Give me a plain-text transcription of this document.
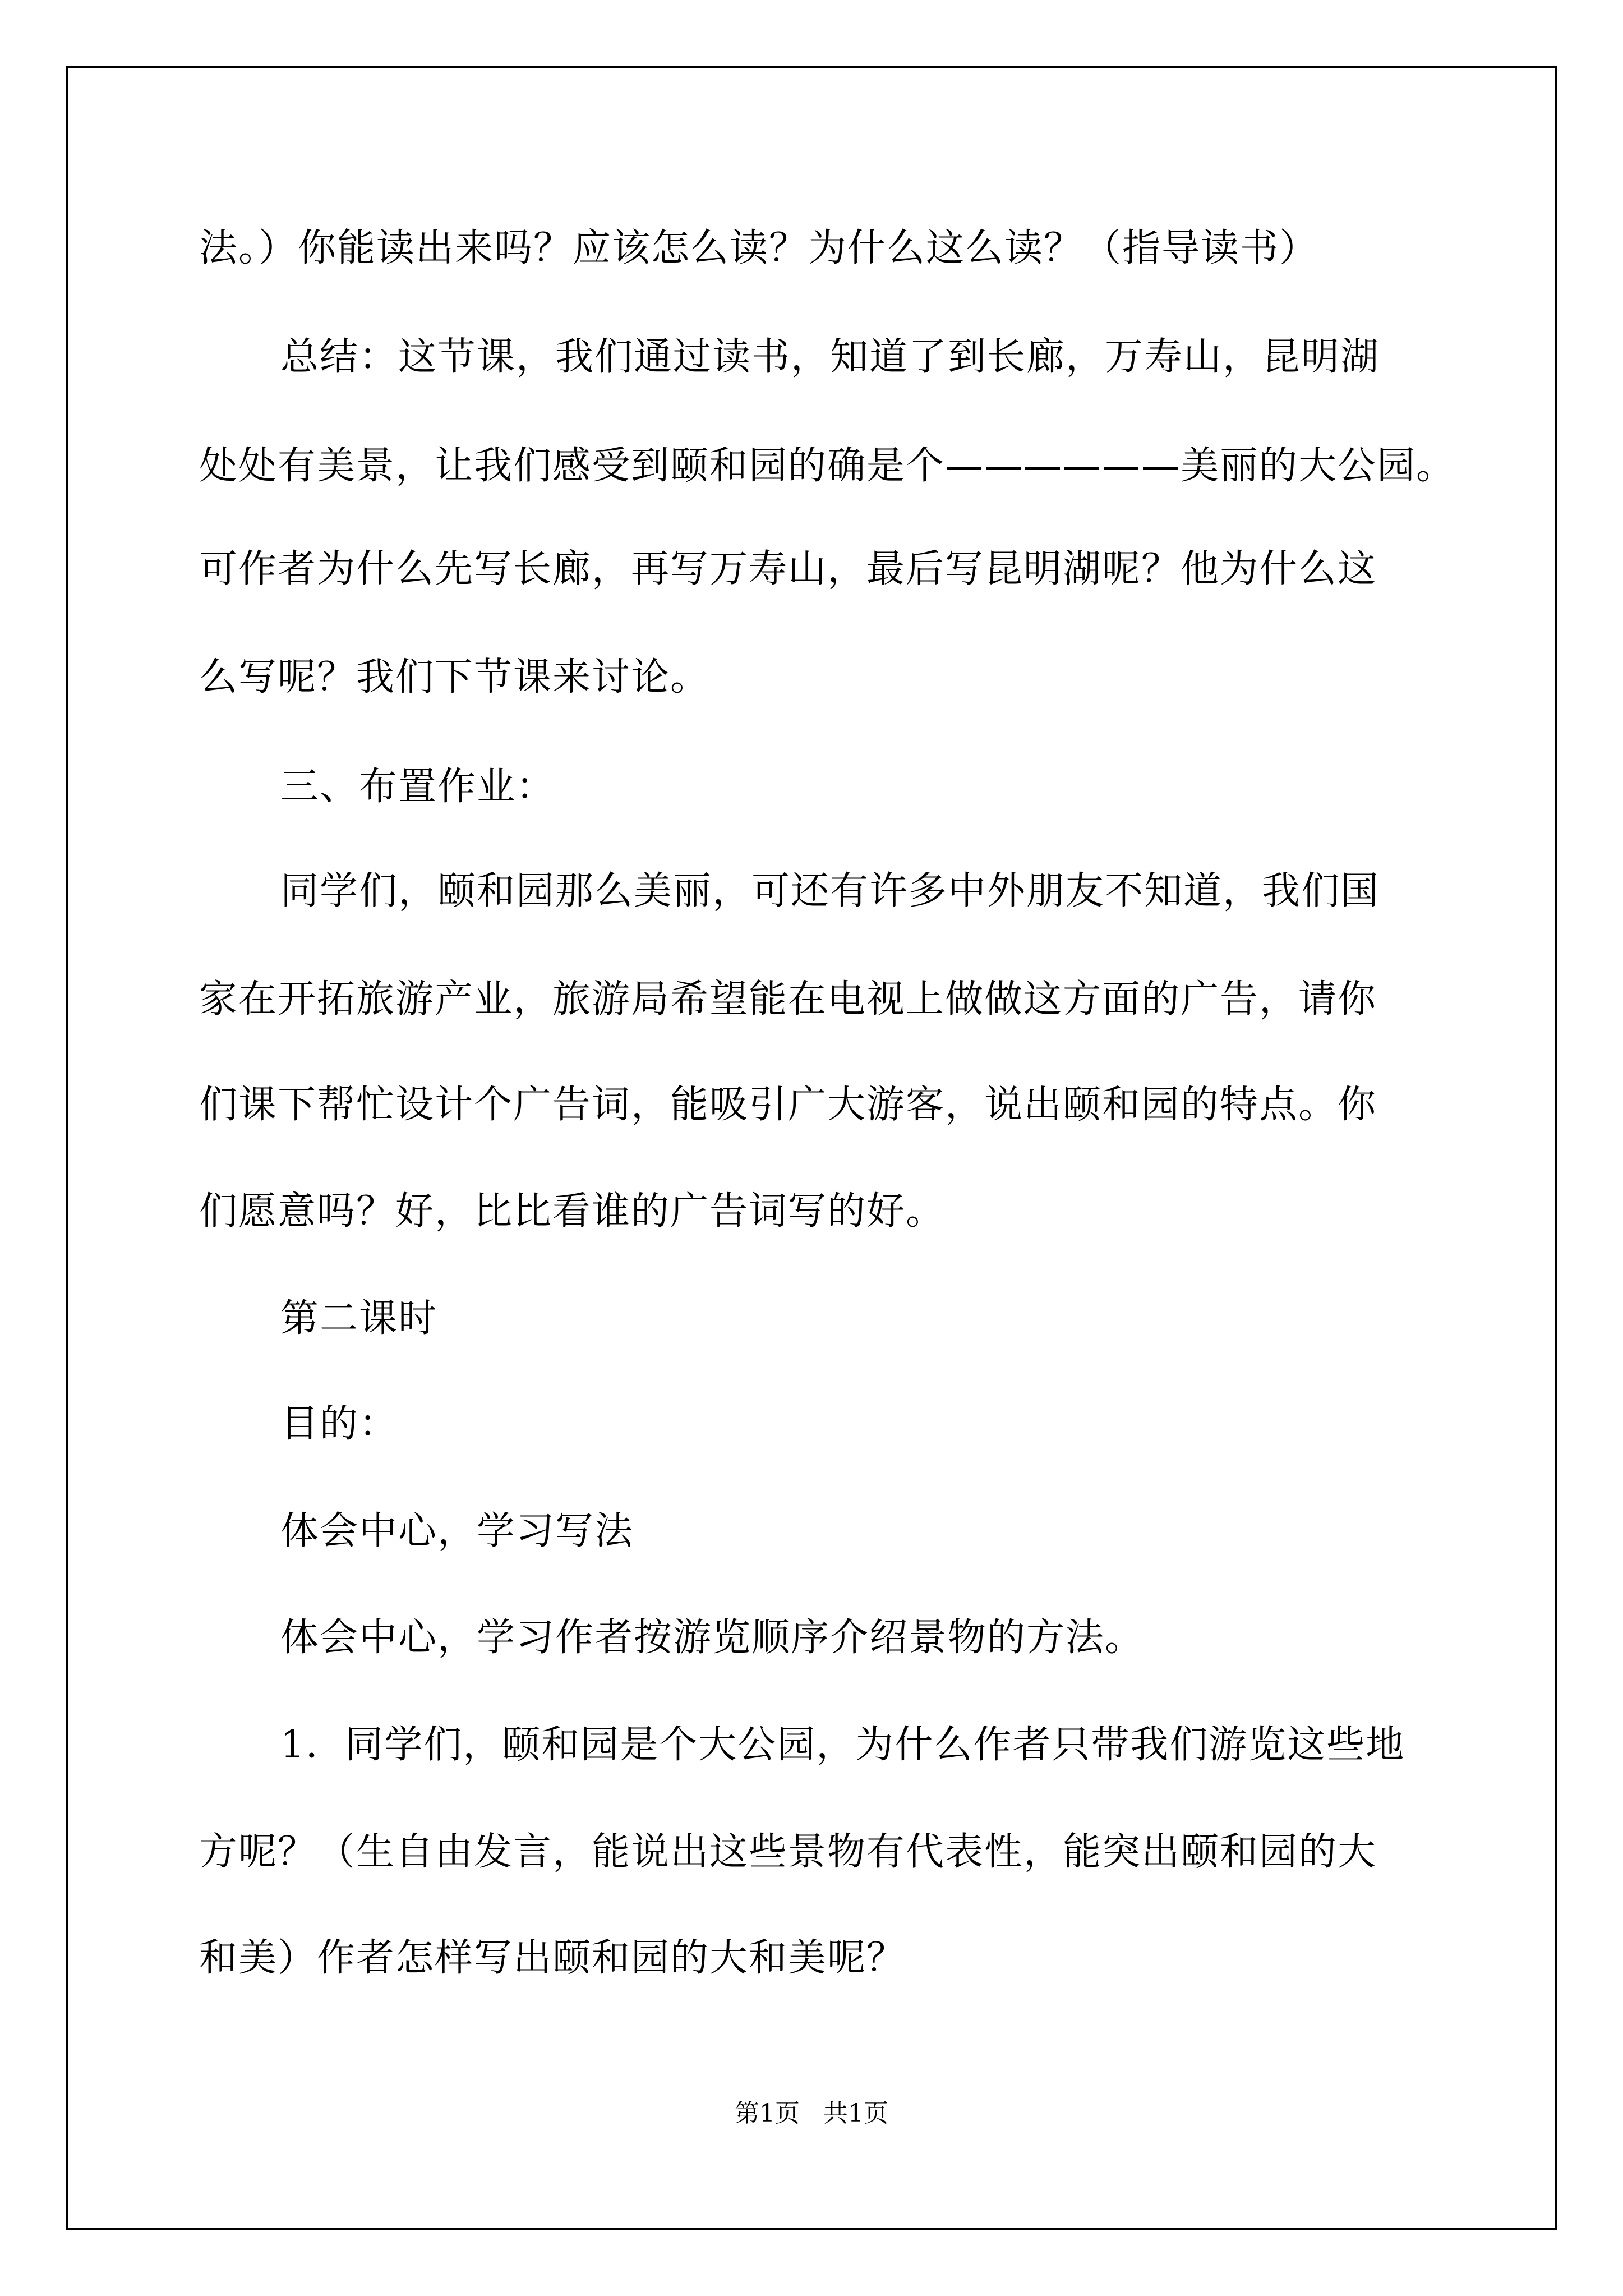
法。）你能读出来吗？应该怎么读？为什么这么读？（指导读书）
总结：这节课，我们通过读书，知道了到长廊，万寿山，昆明湖
处处有美景，让我们感受到颐和园的确是个——————美丽的大公园。
可作者为什么先写长廊，再写万寿山，最后写昆明湖呢？他为什么这
么写呢？我们下节课来讨论。
三、布置作业：
同学们，颐和园那么美丽，可还有许多中外朋友不知道，我们国
家在开拓旅游产业，旅游局希望能在电视上做做这方面的广告，请你
们课下帮忙设计个广告词，能吸引广大游客，说出颐和园的特点。你
们愿意吗？好，比比看谁的广告词写的好。
第二课时
目的：
体会中心，学习写法
体会中心，学习作者按游览顺序介绍景物的方法。
1．同学们，颐和园是个大公园，为什么作者只带我们游览这些地
方呢？（生自由发言，能说出这些景物有代表性，能突出颐和园的大
和美）作者怎样写出颐和园的大和美呢？
第1页   共1页
